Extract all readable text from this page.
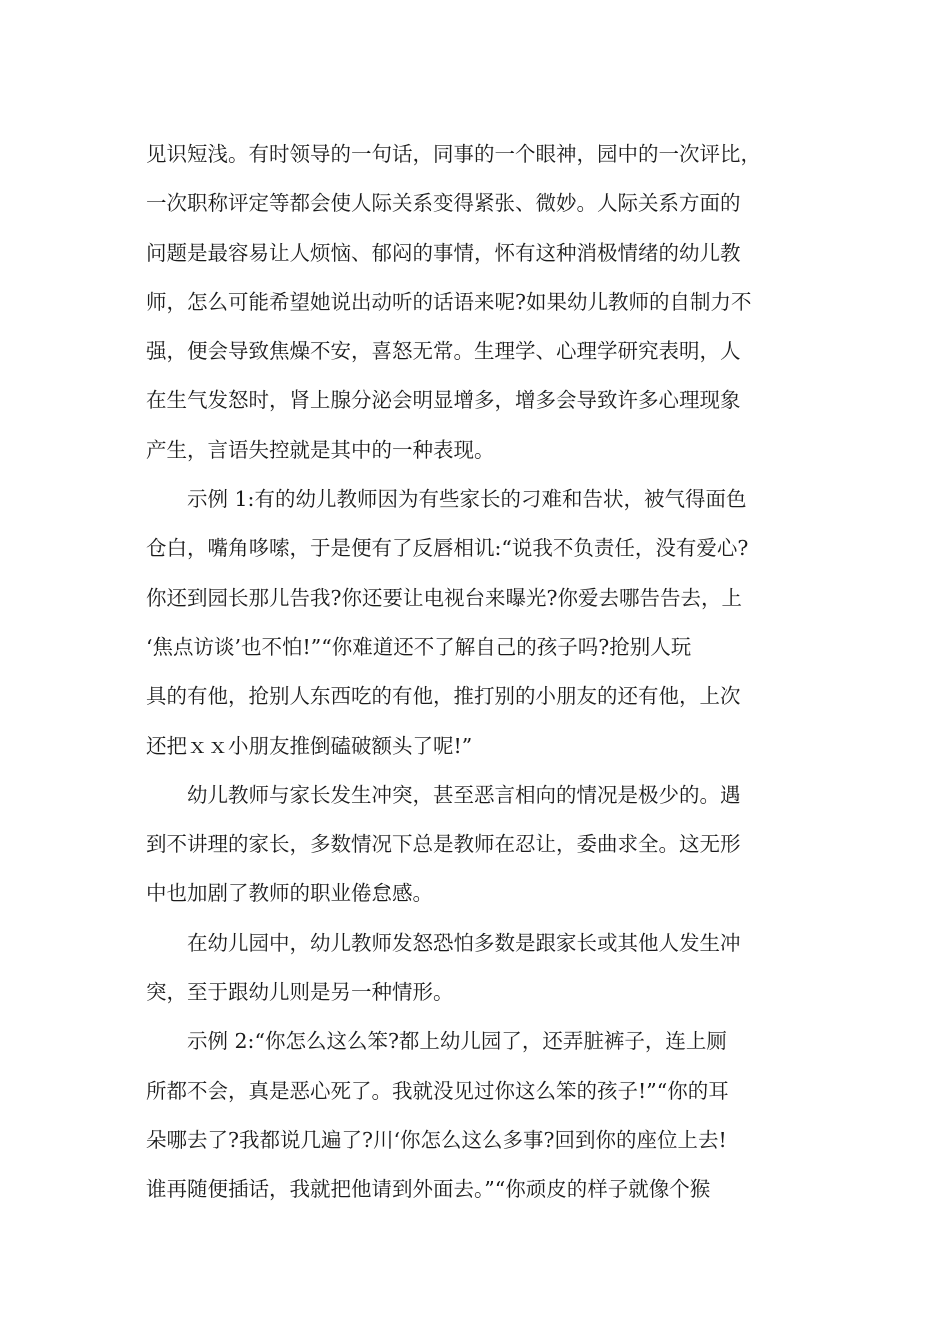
见识短浅。有时领导的一句话，同事的一个眼神，园中的一次评比，
一次职称评定等都会使人际关系变得紧张、微妙。人际关系方面的
问题是最容易让人烦恼、郁闷的事情，怀有这种消极情绪的幼儿教
师，怎么可能希望她说出动听的话语来呢?如果幼儿教师的自制力不
强，便会导致焦燥不安，喜怒无常。生理学、心理学研究表明，人
在生气发怒时，肾上腺分泌会明显增多，增多会导致许多心理现象
产生，言语失控就是其中的一种表现。
　　示例 1:有的幼儿教师因为有些家长的刁难和告状，被气得面色
仓白，嘴角哆嗦，于是便有了反唇相讥:“说我不负责任，没有爱心?
你还到园长那儿告我?你还要让电视台来曝光?你爱去哪告告去，上
‘焦点访谈’也不怕!”“你难道还不了解自己的孩子吗?抢别人玩
具的有他，抢别人东西吃的有他，推打别的小朋友的还有他，上次
还把ｘｘ小朋友推倒磕破额头了呢!”
　　幼儿教师与家长发生冲突，甚至恶言相向的情况是极少的。遇
到不讲理的家长，多数情况下总是教师在忍让，委曲求全。这无形
中也加剧了教师的职业倦怠感。
　　在幼儿园中，幼儿教师发怒恐怕多数是跟家长或其他人发生冲
突，至于跟幼儿则是另一种情形。
　　示例 2:“你怎么这么笨?都上幼儿园了，还弄脏裤子，连上厕
所都不会，真是恶心死了。我就没见过你这么笨的孩子!”“你的耳
朵哪去了?我都说几遍了?川‘你怎么这么多事?回到你的座位上去!
谁再随便插话，我就把他请到外面去。”“你顽皮的样子就像个猴
